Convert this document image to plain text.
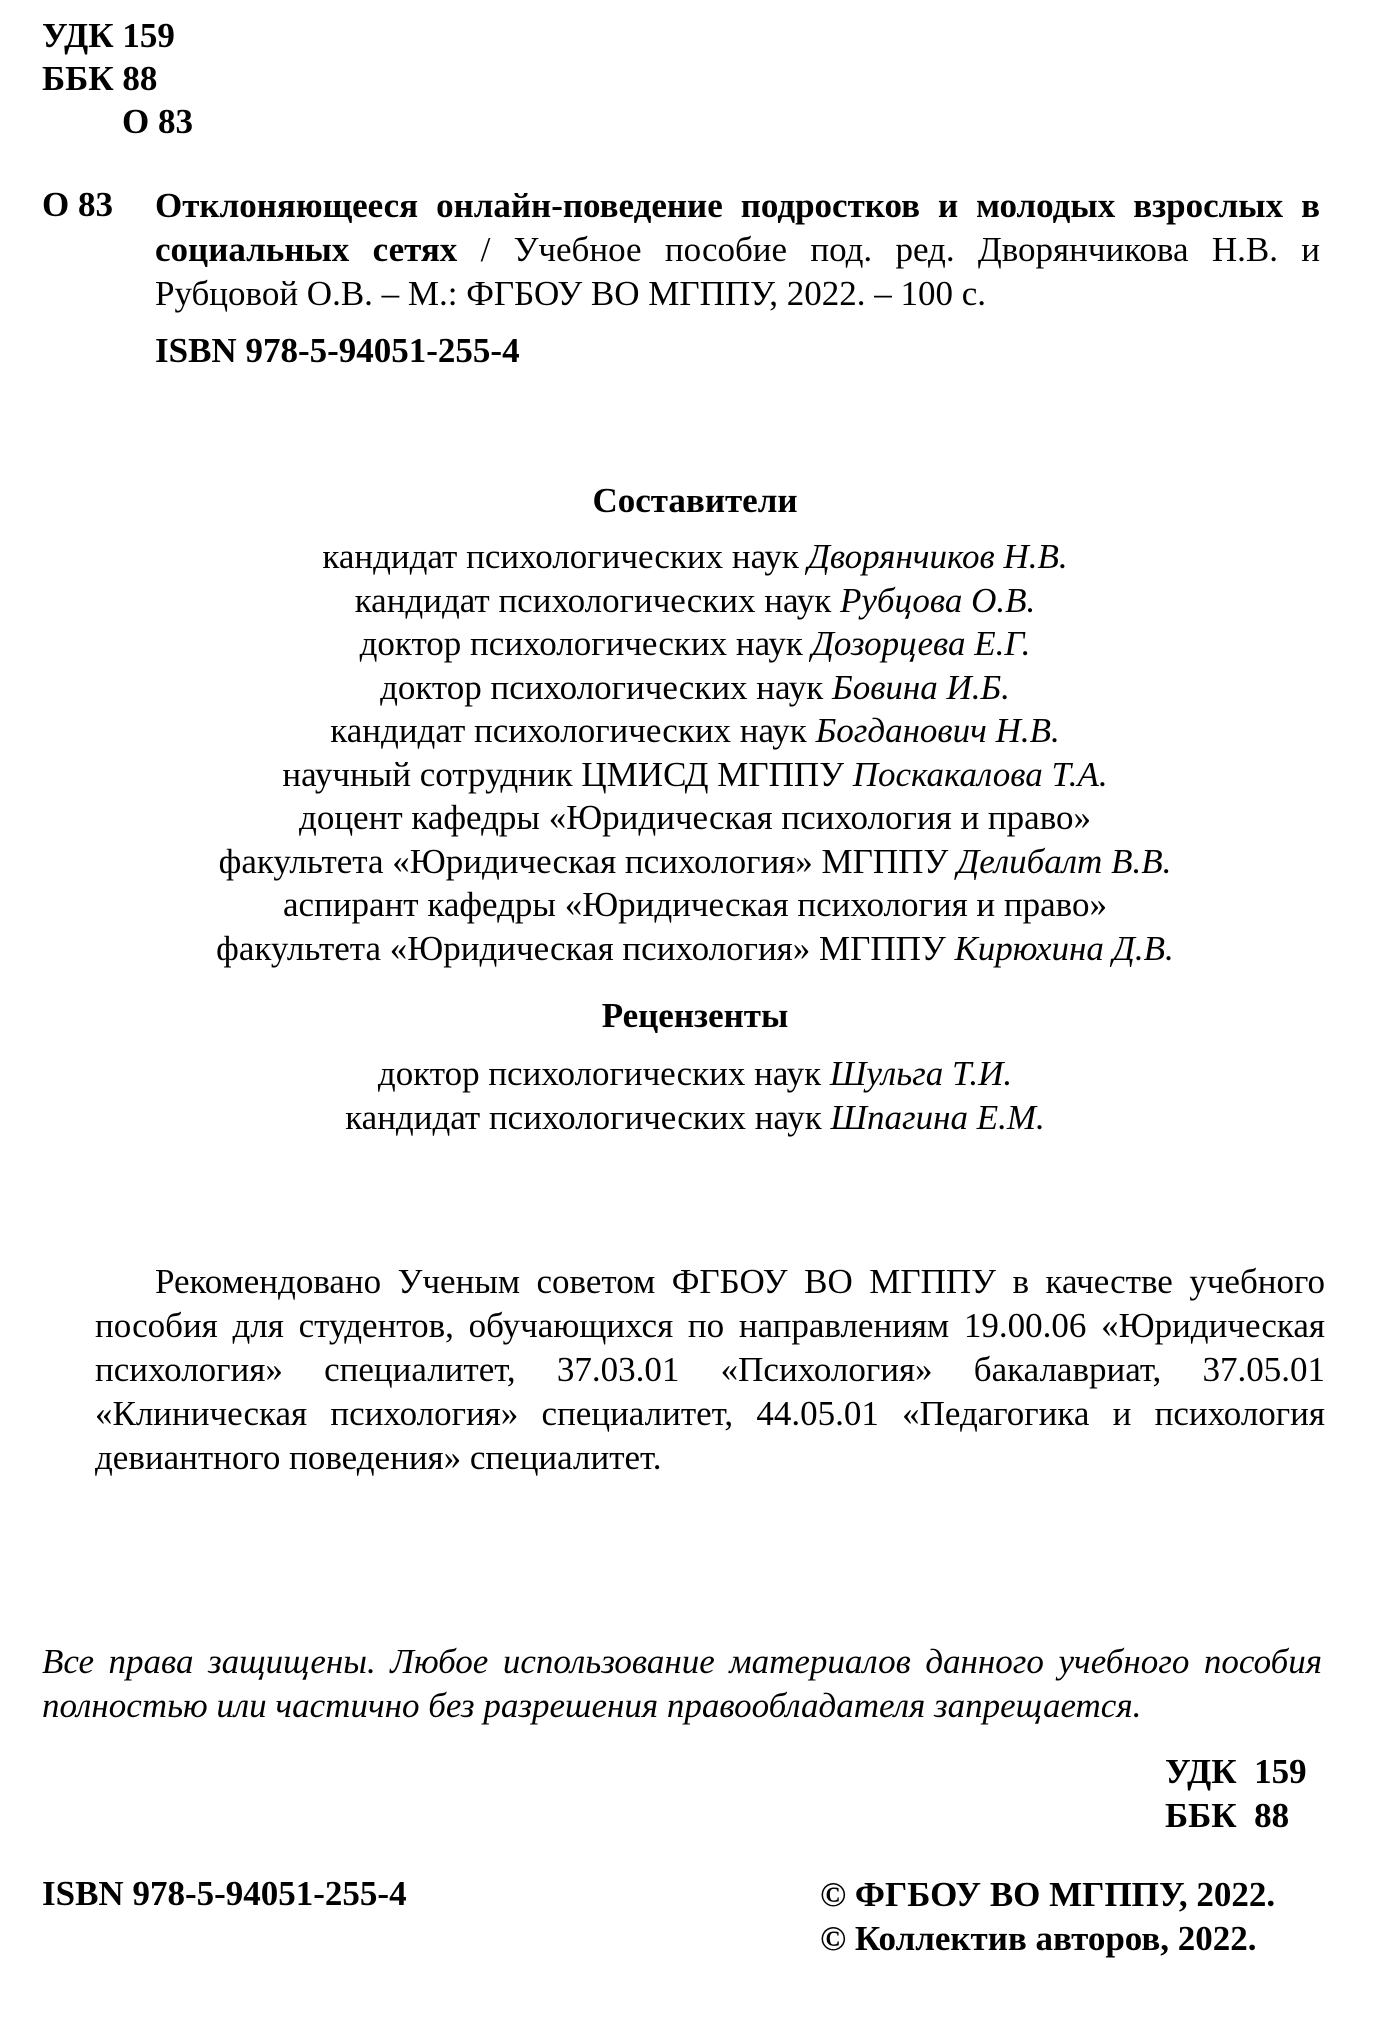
УДК 159
ББК 88
О 83
О 83 Отклоняющееся онлайн-поведение подростков и молодых взрослых в социальных сетях / Учебное пособие под. ред. Дворянчикова Н.В. и Рубцовой О.В. – М.: ФГБОУ ВО МГППУ, 2022. – 100 с.
ISBN 978-5-94051-255-4
Составители
кандидат психологических наук Дворянчиков Н.В.
кандидат психологических наук Рубцова О.В.
доктор психологических наук Дозорцева Е.Г.
доктор психологических наук Бовина И.Б.
кандидат психологических наук Богданович Н.В.
научный сотрудник ЦМИСД МГППУ Поскакалова Т.А.
доцент кафедры «Юридическая психология и право»
факультета «Юридическая психология» МГППУ Делибалт В.В.
аспирант кафедры «Юридическая психология и право»
факультета «Юридическая психология» МГППУ Кирюхина Д.В.
Рецензенты
доктор психологических наук Шульга Т.И.
кандидат психологических наук Шпагина Е.М.
Рекомендовано Ученым советом ФГБОУ ВО МГППУ в качестве учебного пособия для студентов, обучающихся по направлениям 19.00.06 «Юридическая психология» специалитет, 37.03.01 «Психология» бакалавриат, 37.05.01 «Клиническая психология» специалитет, 44.05.01 «Педагогика и психология девиантного поведения» специалитет.
Все права защищены. Любое использование материалов данного учебного пособия полностью или частично без разрешения правообладателя запрещается.
УДК  159
ББК  88
ISBN 978-5-94051-255-4	© ФГБОУ ВО МГППУ, 2022.
© Коллектив авторов, 2022.
